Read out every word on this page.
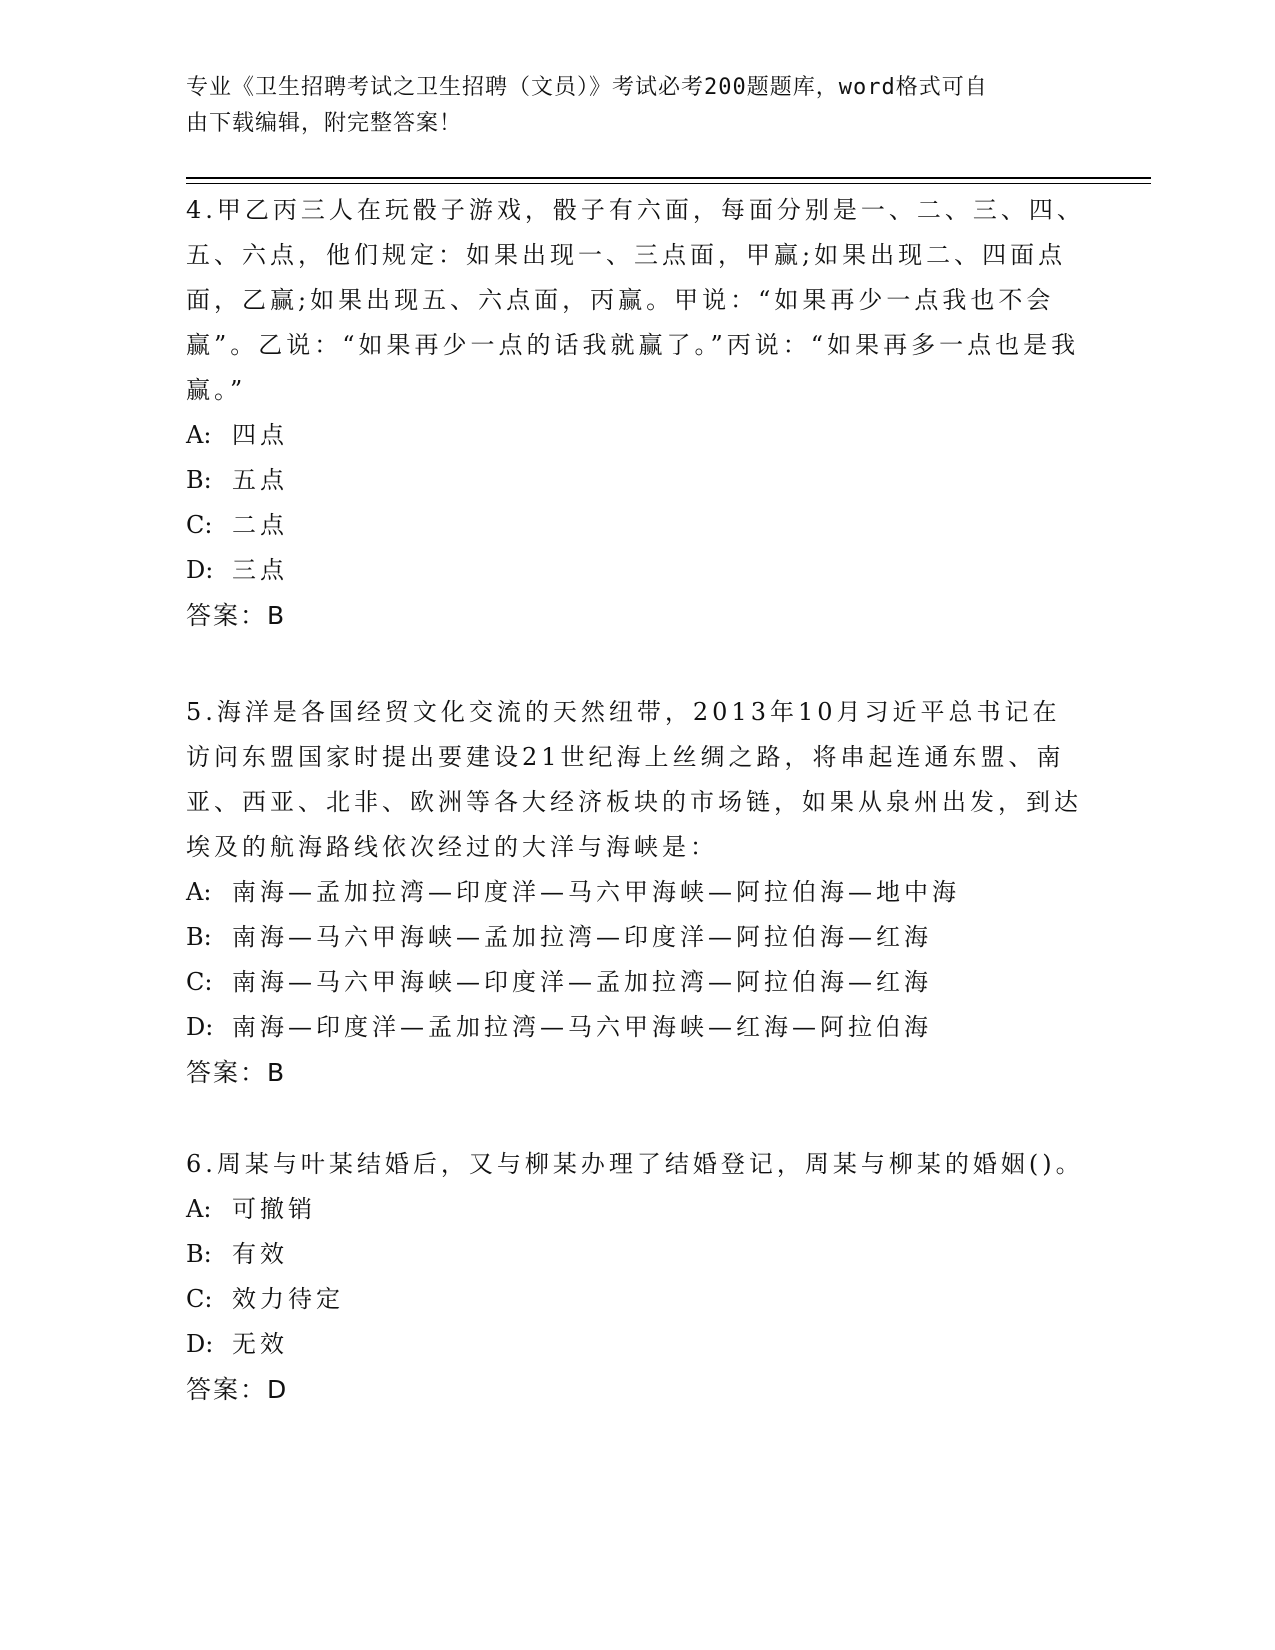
专业《卫生招聘考试之卫生招聘（文员）》考试必考200题题库，word格式可自
由下载编辑，附完整答案！

4.甲乙丙三人在玩骰子游戏，骰子有六面，每面分别是一、二、三、四、五、六点，他们规定：如果出现一、三点面，甲赢;如果出现二、四面点面，乙赢;如果出现五、六点面，丙赢。甲说：“如果再少一点我也不会赢”。乙说：“如果再少一点的话我就赢了。”丙说：“如果再多一点也是我赢。”

A: 四点

B: 五点

C: 二点

D: 三点

答案：B

5.海洋是各国经贸文化交流的天然纽带，2013年10月习近平总书记在访问东盟国家时提出要建设21世纪海上丝绸之路，将串起连通东盟、南亚、西亚、北非、欧洲等各大经济板块的市场链，如果从泉州出发，到达埃及的航海路线依次经过的大洋与海峡是：

A: 南海—孟加拉湾—印度洋—马六甲海峡—阿拉伯海—地中海

B: 南海—马六甲海峡—孟加拉湾—印度洋—阿拉伯海—红海

C: 南海—马六甲海峡—印度洋—孟加拉湾—阿拉伯海—红海

D: 南海—印度洋—孟加拉湾—马六甲海峡—红海—阿拉伯海

答案：B

6.周某与叶某结婚后，又与柳某办理了结婚登记，周某与柳某的婚姻()。

A: 可撤销

B: 有效

C: 效力待定

D: 无效

答案：D
